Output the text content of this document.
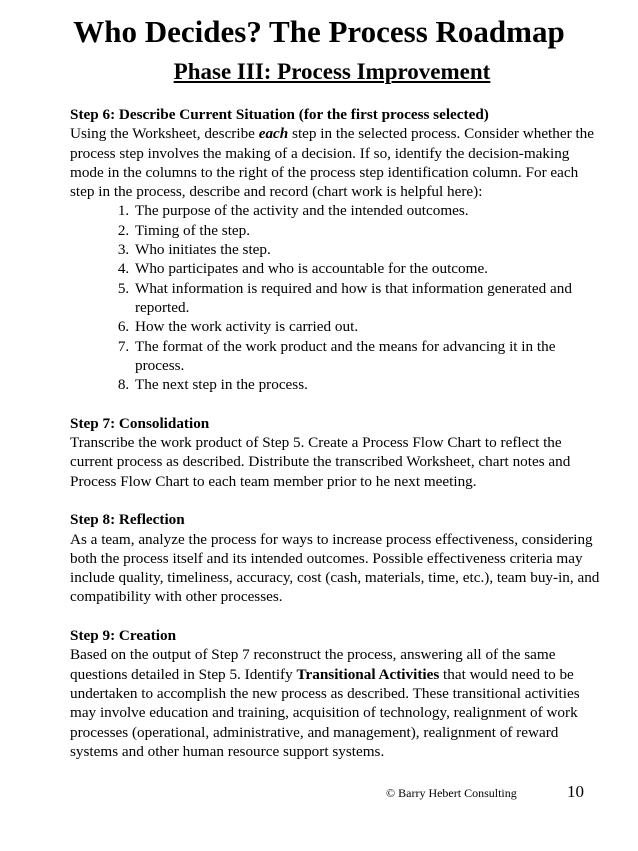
Who Decides? The Process Roadmap
Phase III: Process Improvement
Step 6: Describe Current Situation (for the first process selected)
Using the Worksheet, describe each step in the selected process. Consider whether the process step involves the making of a decision. If so, identify the decision-making mode in the columns to the right of the process step identification column. For each step in the process, describe and record (chart work is helpful here):
1. The purpose of the activity and the intended outcomes.
2. Timing of the step.
3. Who initiates the step.
4. Who participates and who is accountable for the outcome.
5. What information is required and how is that information generated and reported.
6. How the work activity is carried out.
7. The format of the work product and the means for advancing it in the process.
8. The next step in the process.
Step 7: Consolidation
Transcribe the work product of Step 5. Create a Process Flow Chart to reflect the current process as described. Distribute the transcribed Worksheet, chart notes and Process Flow Chart to each team member prior to he next meeting.
Step 8: Reflection
As a team, analyze the process for ways to increase process effectiveness, considering both the process itself and its intended outcomes. Possible effectiveness criteria may include quality, timeliness, accuracy, cost (cash, materials, time, etc.), team buy-in, and compatibility with other processes.
Step 9: Creation
Based on the output of Step 7 reconstruct the process, answering all of the same questions detailed in Step 5. Identify Transitional Activities that would need to be undertaken to accomplish the new process as described. These transitional activities may involve education and training, acquisition of technology, realignment of work processes (operational, administrative, and management), realignment of reward systems and other human resource support systems.
© Barry Hebert Consulting	10
